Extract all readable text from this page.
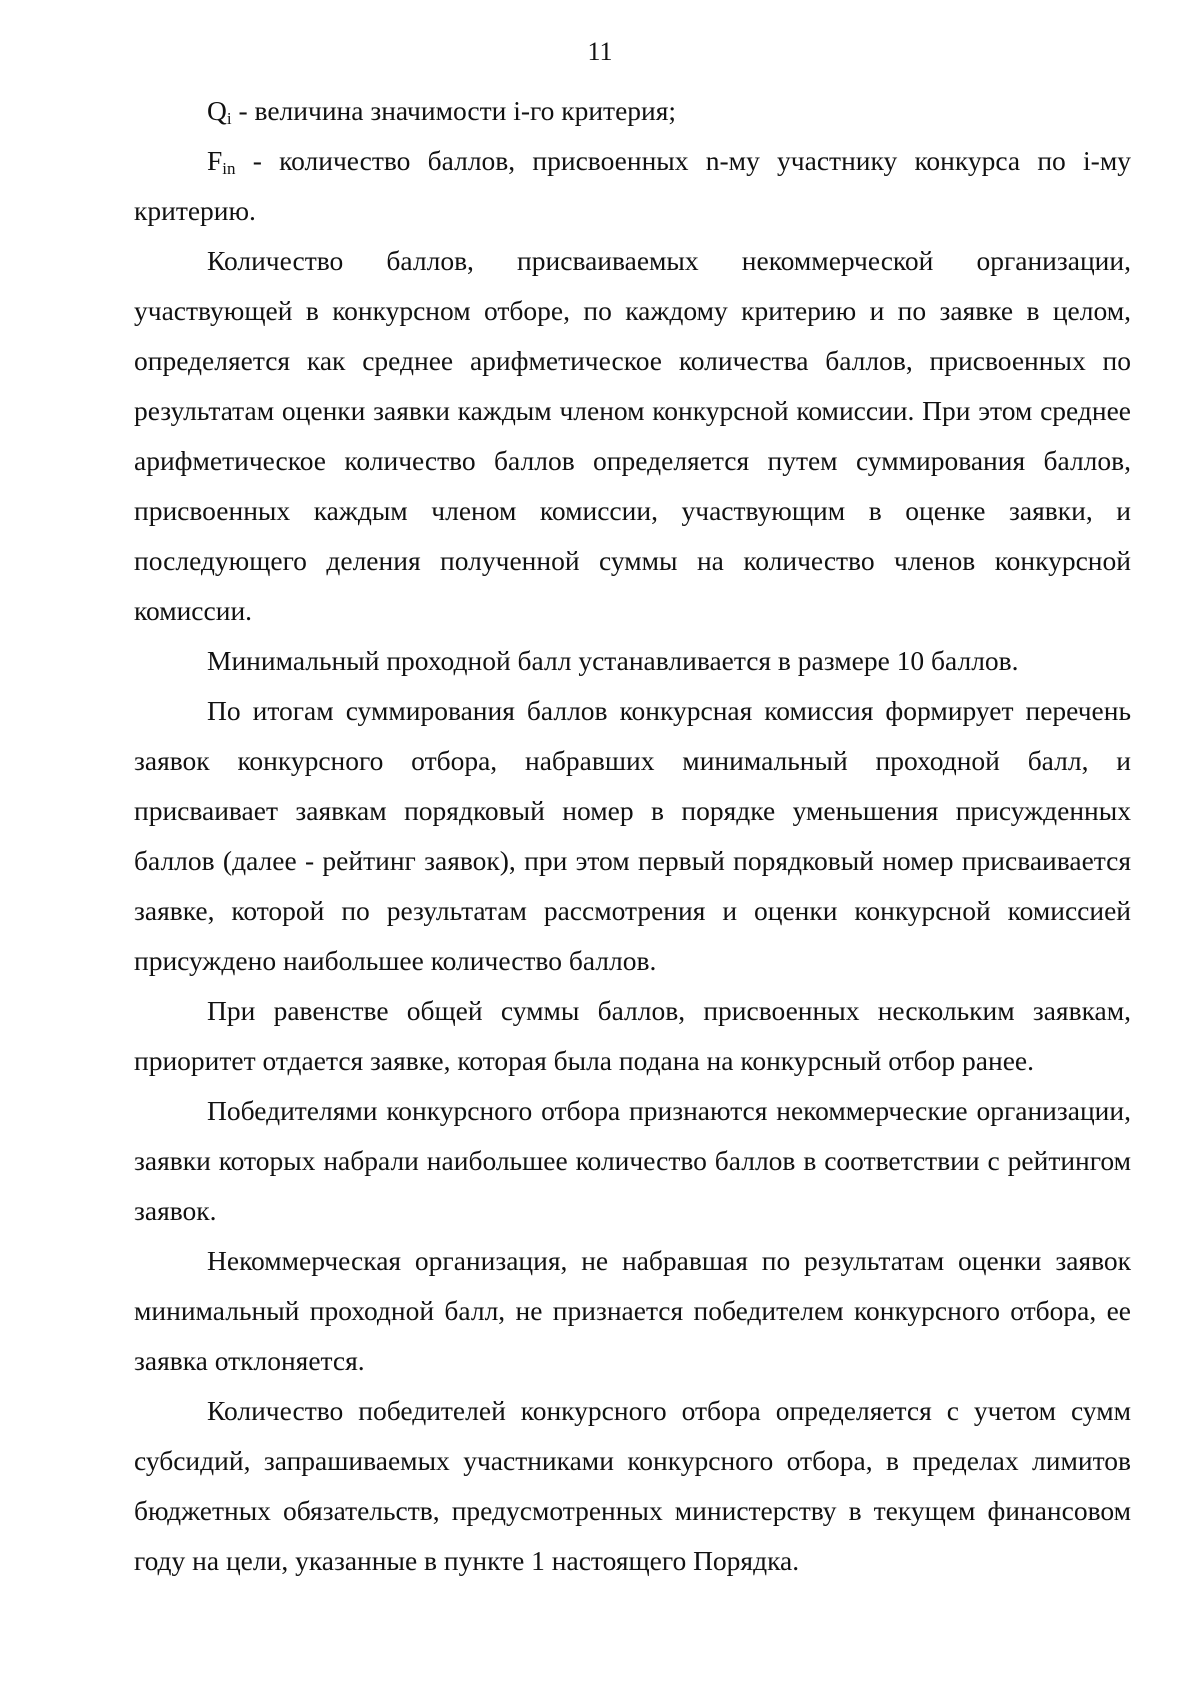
11

$Q_i$ - величина значимости i-го критерия;

$F_{in}$ - количество баллов, присвоенных n-му участнику конкурса по i-му критерию.

Количество баллов, присваиваемых некоммерческой организации, участвующей в конкурсном отборе, по каждому критерию и по заявке в целом, определяется как среднее арифметическое количества баллов, присвоенных по результатам оценки заявки каждым членом конкурсной комиссии. При этом среднее арифметическое количество баллов определяется путем суммирования баллов, присвоенных каждым членом комиссии, участвующим в оценке заявки, и последующего деления полученной суммы на количество членов конкурсной комиссии.

Минимальный проходной балл устанавливается в размере 10 баллов.

По итогам суммирования баллов конкурсная комиссия формирует перечень заявок конкурсного отбора, набравших минимальный проходной балл, и присваивает заявкам порядковый номер в порядке уменьшения присужденных баллов (далее - рейтинг заявок), при этом первый порядковый номер присваивается заявке, которой по результатам рассмотрения и оценки конкурсной комиссией присуждено наибольшее количество баллов.

При равенстве общей суммы баллов, присвоенных нескольким заявкам, приоритет отдается заявке, которая была подана на конкурсный отбор ранее.

Победителями конкурсного отбора признаются некоммерческие организации, заявки которых набрали наибольшее количество баллов в соответствии с рейтингом заявок.

Некоммерческая организация, не набравшая по результатам оценки заявок минимальный проходной балл, не признается победителем конкурсного отбора, ее заявка отклоняется.

Количество победителей конкурсного отбора определяется с учетом сумм субсидий, запрашиваемых участниками конкурсного отбора, в пределах лимитов бюджетных обязательств, предусмотренных министерству в текущем финансовом году на цели, указанные в пункте 1 настоящего Порядка.
